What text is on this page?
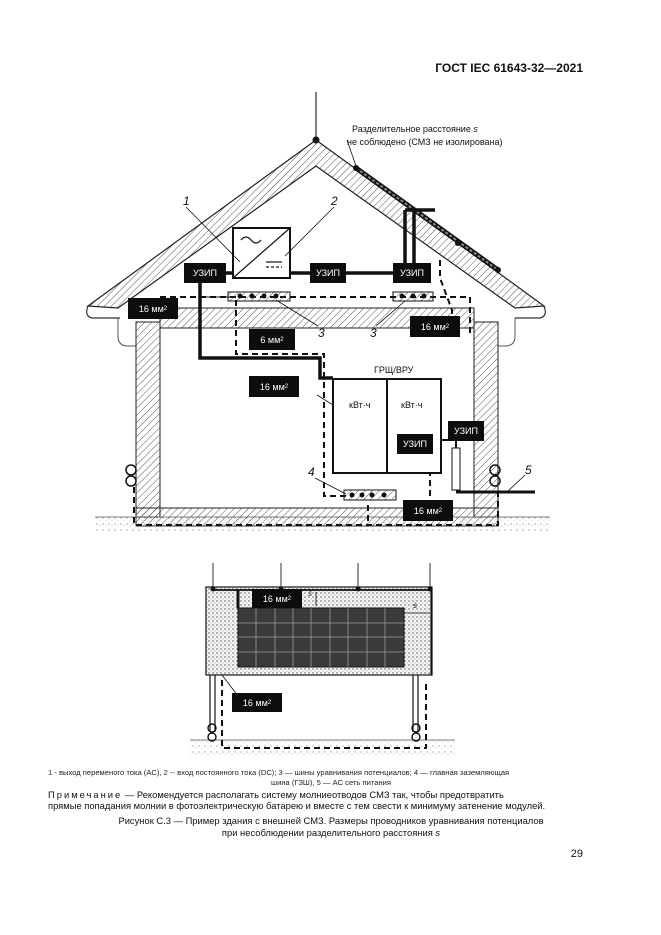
ГОСТ IEC 61643-32—2021
Разделительное расстояние s
не соблюдено (СМЗ не изолирована)
1	2
3	3
4	5
УЗИП	УЗИП	УЗИП
УЗИП
УЗИП
16 мм 2
6 мм 2
16 мм 2
16 мм 2
16 мм 2
16 мм 2
16 мм 2
ГРЩ/ВРУ
кВт·ч	кВт·ч
s
s
1 - выход переменого тока (AC), 2 -- вход постоянного тока (DC); 3 — шины уравнивания потенциалов; 4 — главная заземляющая
шина (ГЗШ), 5 — АС сеть питания
Примечание — Рекомендуется располагать систему молниеотводов СМЗ так, чтобы предотвратить
прямые попадания молнии в фотоэлектрическую батарею и вместе с тем свести к минимуму затенение модулей.
Рисунок С.3 — Пример здания с внешней СМЗ. Размеры проводников уравнивания потенциалов
при несоблюдении разделительного расстояния s
29
